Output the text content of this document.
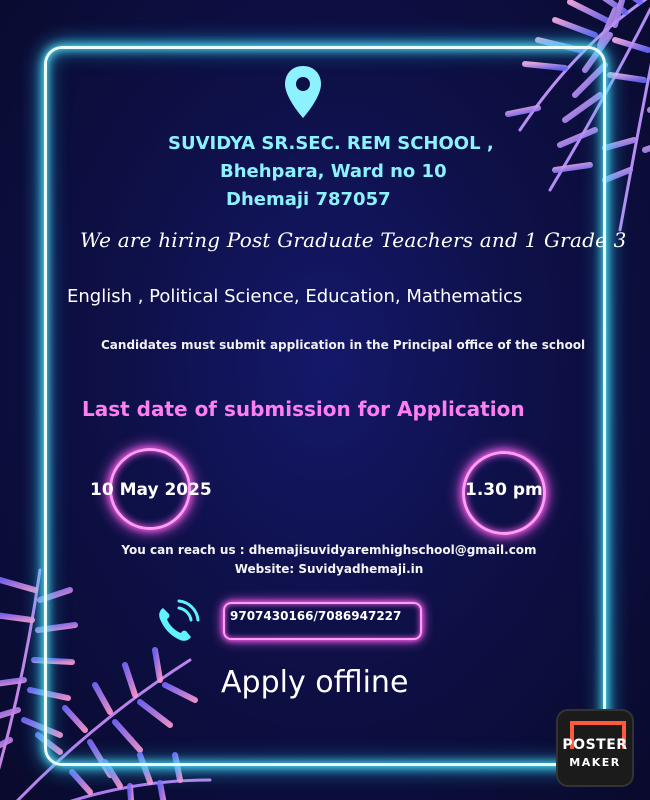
SUVIDYA SR.SEC. REM SCHOOL ,
Bhehpara, Ward no 10
Dhemaji 787057
We are hiring Post Graduate Teachers and 1 Grade 3
English , Political Science, Education, Mathematics
Candidates must submit application in the Principal office of the school
Last date of submission for Application
10 May 2025	1.30 pm
You can reach us : dhemajisuvidyaremhighschool@gmail.com
Website: Suvidyadhemaji.in
9707430166/7086947227
Apply offline
POSTER
MAKER
